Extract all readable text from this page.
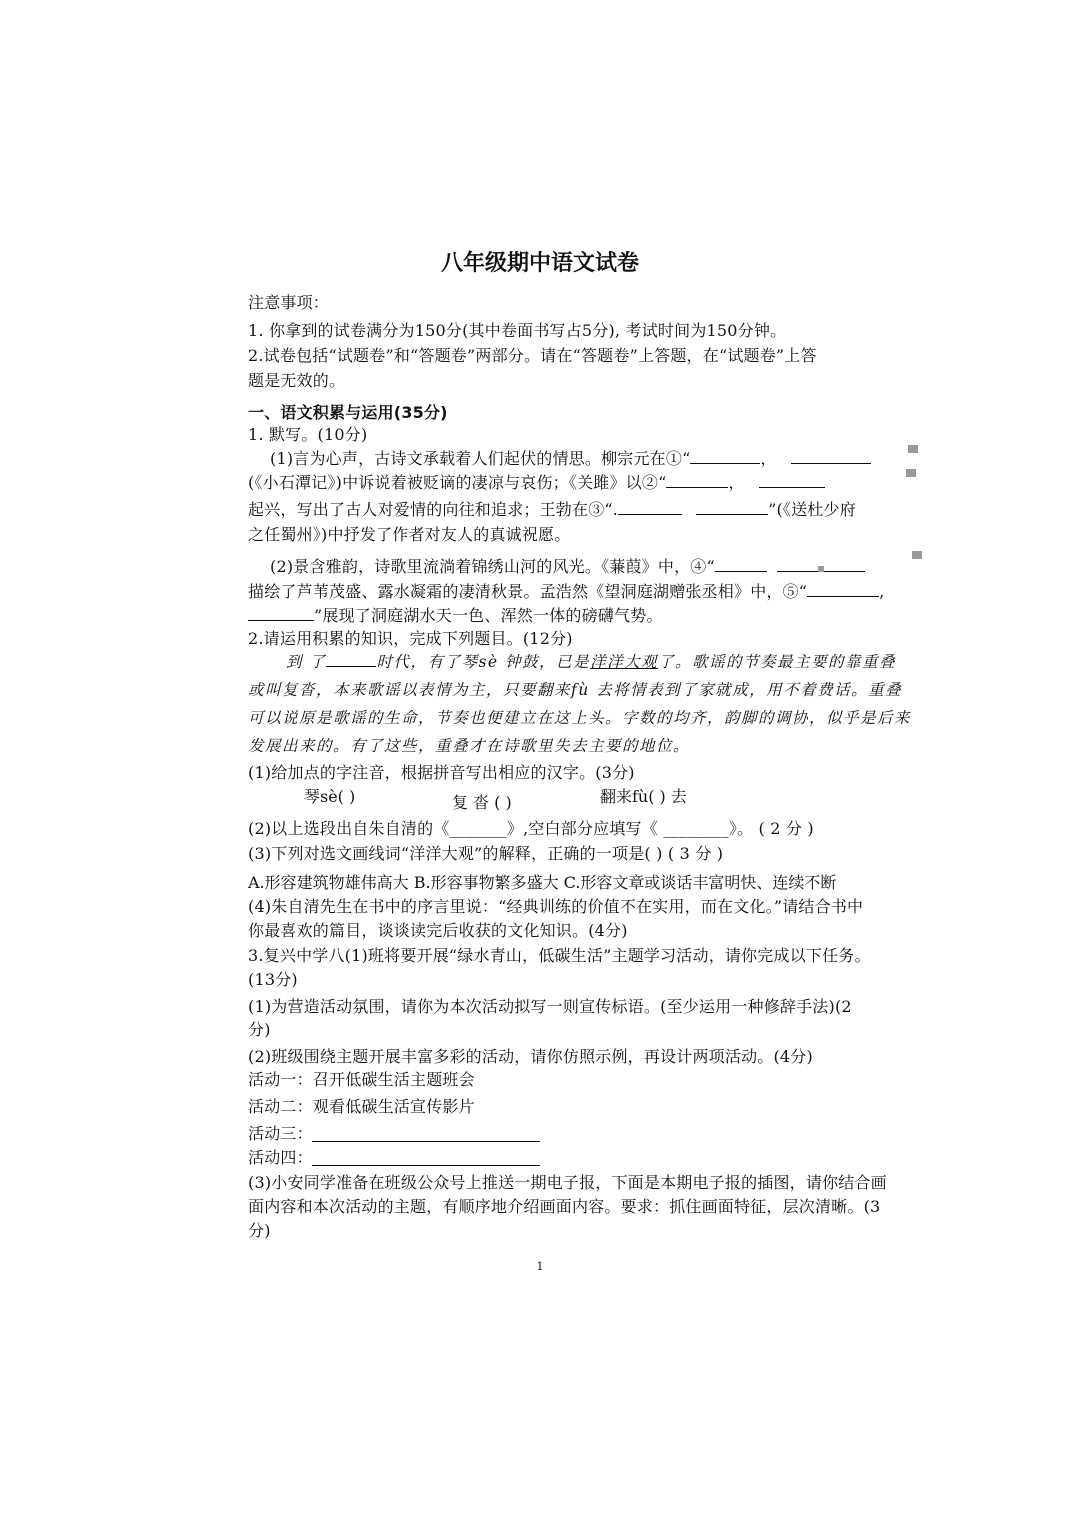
八年级期中语文试卷
注意事项：
1. 你拿到的试卷满分为150分(其中卷面书写占5分), 考试时间为150分钟。
2.试卷包括“试题卷”和“答题卷”两部分。请在“答题卷”上答题，在“试题卷”上答
题是无效的。
一、语文积累与运用(35分)
1. 默写。(10分)
(1)言为心声，古诗文承载着人们起伏的情思。柳宗元在①“	，
(《小石潭记》)中诉说着被贬谪的凄凉与哀伤；《关雎》以②“	，
起兴，写出了古人对爱情的向往和追求；王勃在③“.	”(《送杜少府
之任蜀州》)中抒发了作者对友人的真诚祝愿。
(2)景含雅韵，诗歌里流淌着锦绣山河的风光。《蒹葭》中，④“
描绘了芦苇茂盛、露水凝霜的凄清秋景。孟浩然《望洞庭湖赠张丞相》中，⑤“	,
”展现了洞庭湖水天一色、浑然一体的磅礴气势。
2.请运用积累的知识，完成下列题目。(12分)
到 了	时代，有了琴sè 钟鼓，已是洋洋大观了。歌谣的节奏最主要的靠重叠
或叫复沓，本来歌谣以表情为主，只要翻来fù 去将情表到了家就成，用不着费话。重叠
可以说原是歌谣的生命，节奏也便建立在这上头。字数的均齐，韵脚的调协，似乎是后来
发展出来的。有了这些，重叠才在诗歌里失去主要的地位。
(1)给加点的字注音，根据拼音写出相应的汉字。(3分)
琴sè( )	复 沓 ( )	翻来fù( ) 去
(2)以上选段出自朱自清的《_______》,空白部分应填写《 ________》。 ( 2 分 )
(3)下列对选文画线词“洋洋大观”的解释，正确的一项是( ) ( 3 分 )
A.形容建筑物雄伟高大 B.形容事物繁多盛大 C.形容文章或谈话丰富明快、连续不断
(4)朱自清先生在书中的序言里说：“经典训练的价值不在实用，而在文化。”请结合书中
你最喜欢的篇目，谈谈读完后收获的文化知识。(4分)
3.复兴中学八(1)班将要开展“绿水青山，低碳生活”主题学习活动，请你完成以下任务。
(13分)
(1)为营造活动氛围，请你为本次活动拟写一则宣传标语。(至少运用一种修辞手法)(2
分)
(2)班级围绕主题开展丰富多彩的活动，请你仿照示例，再设计两项活动。(4分)
活动一：召开低碳生活主题班会
活动二：观看低碳生活宣传影片
活动三：
活动四：
(3)小安同学准备在班级公众号上推送一期电子报，下面是本期电子报的插图，请你结合画
面内容和本次活动的主题，有顺序地介绍画面内容。要求：抓住画面特征，层次清晰。(3
分)
1
